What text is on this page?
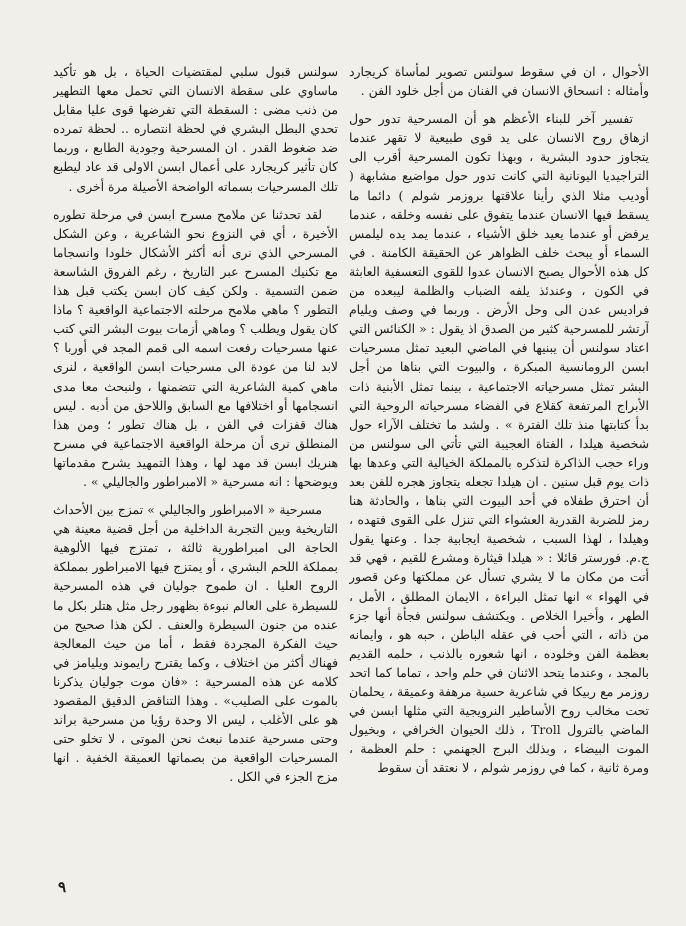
الأحوال ، ان في سقوط سولنس تصوير لمأساة كريجارد وأمثاله : انسحاق الانسان في الفنان من أجل خلود الفن .

تفسير آخر للبناء الأعظم هو أن المسرحية تدور حول ازهاق روح الانسان على يد قوى طبيعية لا تقهر عندما يتجاوز حدود البشرية ، وبهذا تكون المسرحية أقرب الى التراجيديا اليونانية التي كانت تدور حول مواضيع مشابهة ( أوديب مثلا الذي رأينا علاقتها بروزمر شولم ) دائما ما يسقط فيها الانسان عندما يتفوق على نفسه وخلقه ، عندما يرفض أو عندما يعيد خلق الأشياء ، عندما يمد يده ليلمس السماء أو يبحث خلف الظواهر عن الحقيقة الكامنة . في كل هذه الأحوال يصبح الانسان عدوا للقوى التعسفية العابثة في الكون ، وعندئذ يلفه الضباب والظلمة ليبعده من فراديس عدن الى وحل الأرض . وربما في وصف ويليام آرتشر للمسرحية كثير من الصدق اذ يقول : « الكنائس التي اعتاد سولنس أن يبنيها في الماضي البعيد تمثل مسرحيات ابسن الرومانسية المبكرة ، والبيوت التي بناها من أجل البشر تمثل مسرحياته الاجتماعية ، بينما تمثل الأبنية ذات الأبراج المرتفعة كقلاع في الفضاء مسرحياته الروحية التي بدأ كتابتها منذ تلك الفترة » . ولشد ما تختلف الآراء حول شخصية هيلدا ، الفتاة العجيبة التي تأتي الى سولنس من وراء حجب الذاكرة لتذكره بالمملكة الخيالية التي وعدها بها ذات يوم قبل سنين . ان هيلدا تجعله يتجاوز هجره للفن بعد أن احترق طفلاه في أحد البيوت التي بناها ، والحادثة هنا رمز للضربة القدرية العشواء التي تنزل على القوى فتهده ، وهيلدا ، لهذا السبب ، شخصية ايجابية جدا . وعنها يقول ج.م. فورستر قائلا : « هيلدا قيثارة ومشرع للقيم ، فهي قد أتت من مكان ما لا يشري تسأل عن مملكتها وعن قصور في الهواء » انها تمثل البراءة ، الايمان المطلق ، الأمل ، الطهر ، وأخيرا الخلاص . ويكتشف سولنس فجأة أنها جزء من ذاته ، التي أحب في عقله الباطن ، حبه هو ، وايمانه بعظمة الفن وخلوده ، انها شعوره بالذنب ، حلمه القديم بالمجد ، وعندما يتحد الاثنان في حلم واحد ، تماما كما اتحد روزمر مع ربيكا في شاعرية حسية مرهفة وعميقة ، يحلمان تحت مخالب روح الأساطير النرويجية التي مثلها ابسن في الماضي بالترول Troll ، ذلك الحيوان الخرافي ، وبخيول الموت البيضاء ، وبذلك البرج الجهنمي : حلم العظمة ، ومرة ثانية ، كما في روزمر شولم ، لا نعتقد أن سقوط

سولنس قبول سلبي لمقتضيات الحياة ، بل هو تأكيد ماساوي على سقطة الانسان التي تحمل معها التطهير من ذنب مضى : السقطة التي تفرضها قوى عليا مقابل تحدي البطل البشري في لحظة انتصاره .. لحظة تمرده ضد ضغوط القدر . ان المسرحية وجودية الطابع ، وربما كان تأثير كريجارد على أعمال ابسن الاولى قد عاد ليطبع تلك المسرحيات بسماته الواضحة الأصيلة مرة أخرى .

لقد تحدثنا عن ملامح مسرح ابسن في مرحلة تطوره الأخيرة ، أي في النزوع نحو الشاعرية ، وعن الشكل المسرحي الذي نرى أنه أكثر الأشكال خلودا وانسجاما مع تكنيك المسرح عبر التاريخ ، رغم الفروق الشاسعة ضمن التسمية . ولكن كيف كان ابسن يكتب قبل هذا التطور ؟ ماهي ملامح مرحلته الاجتماعية الواقعية ؟ ماذا كان يقول ويطلب ؟ وماهي أزمات بيوت البشر التي كتب عنها مسرحيات رفعت اسمه الى قمم المجد في أوربا ؟ لابد لنا من عودة الى مسرحيات ابسن الواقعية ، لنرى ماهي كمية الشاعرية التي تتضمنها ، ولنبحث معا مدى انسجامها أو اختلافها مع السابق واللاحق من أدبه . ليس هناك قفزات في الفن ، بل هناك تطور ؛ ومن هذا المنطلق نرى أن مرحلة الواقعية الاجتماعية في مسرح هنريك ابسن قد مهد لها ، وهذا التمهيد يشرح مقدماتها ويوضحها : انه مسرحية « الامبراطور والجاليلي » .

مسرحية « الامبراطور والجاليلي » تمزج بين الأحداث التاريخية وبين التجربة الداخلية من أجل قضية معينة هي الحاجة الى امبراطورية ثالثة ، تمتزج فيها الألوهية بمملكة اللحم البشري ، أو يمتزج فيها الامبراطور بمملكة الروح العليا . ان طموح جوليان في هذه المسرحية للسيطرة على العالم نبوءة بظهور رجل مثل هتلر بكل ما عنده من جنون السيطرة والعنف . لكن هذا صحيح من حيث الفكرة المجردة فقط ، أما من حيث المعالجة فهناك أكثر من اختلاف ، وكما يقترح رايموند ويليامز في كلامه عن هذه المسرحية : «فان موت جوليان يذكرنا بالموت على الصليب» . وهذا التناقض الدقيق المقصود هو على الأغلب ، ليس الا وحدة رؤيا من مسرحية براند وحتى مسرحية عندما نبعث نحن الموتى ، لا تخلو حتى المسرحيات الواقعية من بصماتها العميقة الخفية . انها مزج الجزء في الكل .

٩
